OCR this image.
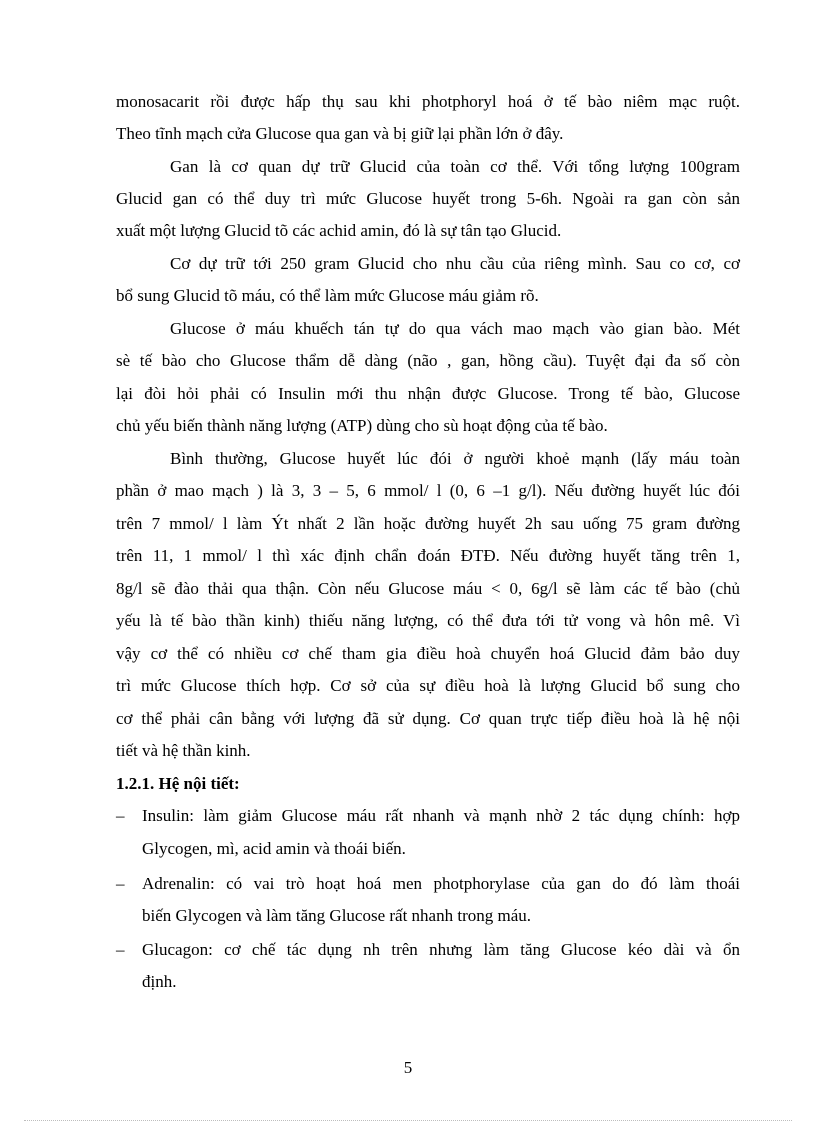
monosacarit rồi được hấp thụ sau khi photphoryl hoá ở tế bào niêm mạc ruột.
Theo tĩnh mạch cửa Glucose qua gan và bị giữ lại phần lớn ở đây.
Gan là cơ quan dự trữ Glucid của toàn cơ thể. Với tổng lượng 100gram
Glucid gan có thể duy trì mức Glucose huyết trong 5-6h. Ngoài ra gan còn sản
xuất một lượng Glucid tõ các achid amin, đó là sự tân tạo Glucid.
Cơ dự trữ tới 250 gram Glucid cho nhu cầu của riêng mình. Sau co cơ, cơ
bổ sung Glucid tõ máu, có thể làm mức Glucose máu giảm rõ.
Glucose ở máu khuếch tán tự do qua vách mao mạch vào gian bào. Mét
sè tế bào cho Glucose thẩm dễ dàng (não , gan, hồng cầu). Tuyệt đại đa số còn
lại đòi hỏi phải có Insulin mới thu nhận được Glucose. Trong tế bào, Glucose
chủ yếu biến thành năng lượng (ATP) dùng cho sù hoạt động của tế bào.
Bình thường, Glucose huyết lúc đói ở người khoẻ mạnh (lấy máu toàn
phần ở mao mạch ) là 3, 3 – 5, 6 mmol/ l (0, 6 –1 g/l). Nếu đường huyết lúc đói
trên 7 mmol/ l làm Ýt nhất 2 lần hoặc đường huyết 2h sau uống 75 gram đường
trên 11, 1 mmol/ l thì xác định chẩn đoán ĐTĐ. Nếu đường huyết tăng trên 1,
8g/l sẽ đào thải qua thận. Còn nếu Glucose máu < 0, 6g/l sẽ làm các tế bào (chủ
yếu là tế bào thần kinh) thiếu năng lượng, có thể đưa tới tử vong và hôn mê. Vì
vậy cơ thể có nhiều cơ chế tham gia điều hoà chuyển hoá Glucid đảm bảo duy
trì mức Glucose thích hợp. Cơ sở của sự điều hoà là lượng Glucid bổ sung cho
cơ thể phải cân bằng với lượng đã sử dụng. Cơ quan trực tiếp điều hoà là hệ nội
tiết và hệ thần kinh.
1.2.1. Hệ nội tiết:
–	Insulin: làm giảm Glucose máu rất nhanh và mạnh nhờ 2 tác dụng chính: hợp
Glycogen, mì, acid amin và thoái biến.
–	Adrenalin: có vai trò hoạt hoá men photphorylase của gan do đó làm thoái
biến Glycogen và làm tăng Glucose rất nhanh trong máu.
–	Glucagon: cơ chế tác dụng nh trên nhưng làm tăng Glucose kéo dài và ổn
định.
5
